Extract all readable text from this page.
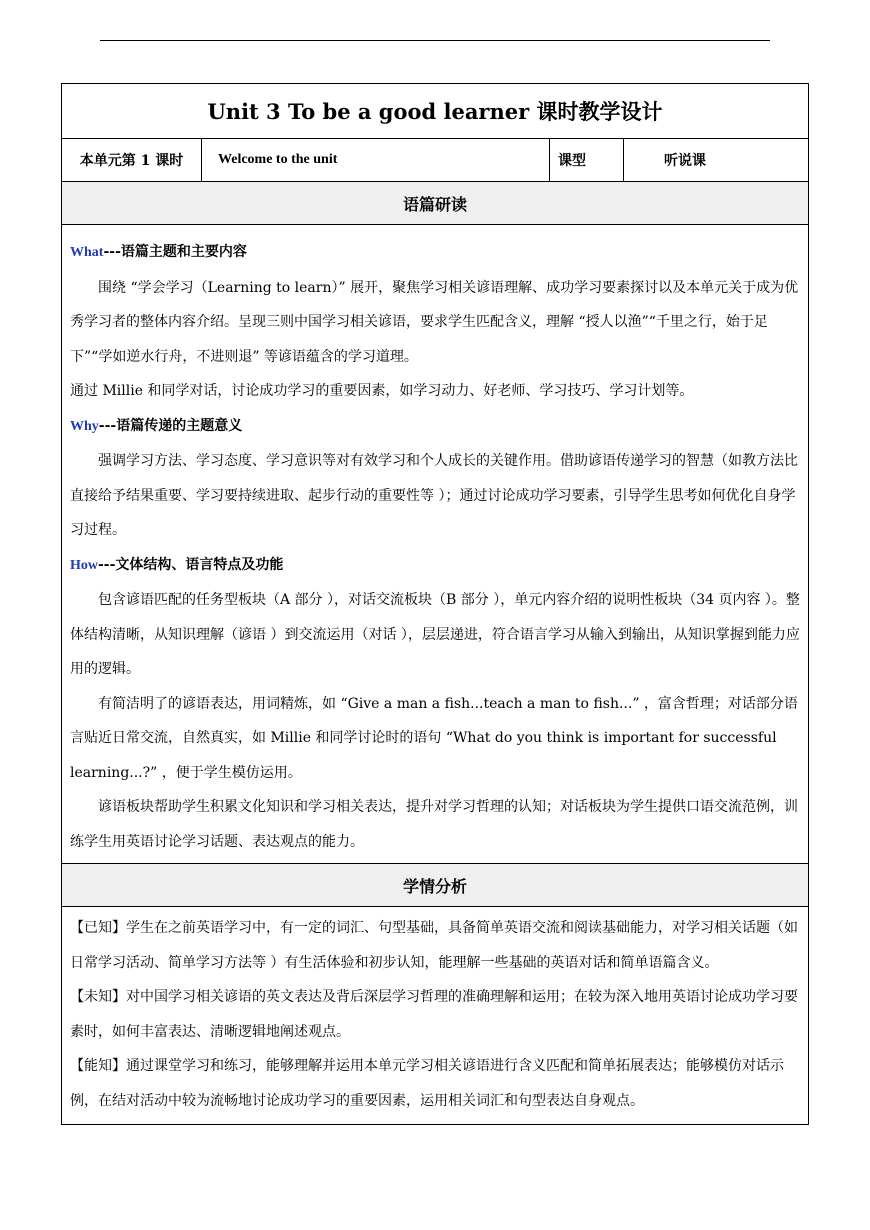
Unit 3 To be a good learner 课时教学设计
本单元第 1 课时	Welcome to the unit	课型	听说课
语篇研读

What---语篇主题和主要内容

围绕 “学会学习（Learning to learn）” 展开，聚焦学习相关谚语理解、成功学习要素探讨以及本单元关于成为优秀学习者的整体内容介绍。呈现三则中国学习相关谚语，要求学生匹配含义，理解 “授人以渔”“千里之行，始于足下”“学如逆水行舟，不进则退” 等谚语蕴含的学习道理。

通过 Millie 和同学对话，讨论成功学习的重要因素，如学习动力、好老师、学习技巧、学习计划等。

Why---语篇传递的主题意义

强调学习方法、学习态度、学习意识等对有效学习和个人成长的关键作用。借助谚语传递学习的智慧（如教方法比直接给予结果重要、学习要持续进取、起步行动的重要性等 ）；通过讨论成功学习要素，引导学生思考如何优化自身学习过程。

How---文体结构、语言特点及功能

包含谚语匹配的任务型板块（A 部分 ），对话交流板块（B 部分 ），单元内容介绍的说明性板块（34 页内容 ）。整体结构清晰，从知识理解（谚语 ）到交流运用（对话 ），层层递进，符合语言学习从输入到输出，从知识掌握到能力应用的逻辑。

有简洁明了的谚语表达，用词精炼，如 “Give a man a fish...teach a man to fish...” ，富含哲理；对话部分语言贴近日常交流，自然真实，如 Millie 和同学讨论时的语句 “What do you think is important for successful learning...?” ，便于学生模仿运用。

谚语板块帮助学生积累文化知识和学习相关表达，提升对学习哲理的认知；对话板块为学生提供口语交流范例，训练学生用英语讨论学习话题、表达观点的能力。

学情分析

【已知】学生在之前英语学习中，有一定的词汇、句型基础，具备简单英语交流和阅读基础能力，对学习相关话题（如日常学习活动、简单学习方法等 ）有生活体验和初步认知，能理解一些基础的英语对话和简单语篇含义。

【未知】对中国学习相关谚语的英文表达及背后深层学习哲理的准确理解和运用；在较为深入地用英语讨论成功学习要素时，如何丰富表达、清晰逻辑地阐述观点。

【能知】通过课堂学习和练习，能够理解并运用本单元学习相关谚语进行含义匹配和简单拓展表达；能够模仿对话示例，在结对活动中较为流畅地讨论成功学习的重要因素，运用相关词汇和句型表达自身观点。
